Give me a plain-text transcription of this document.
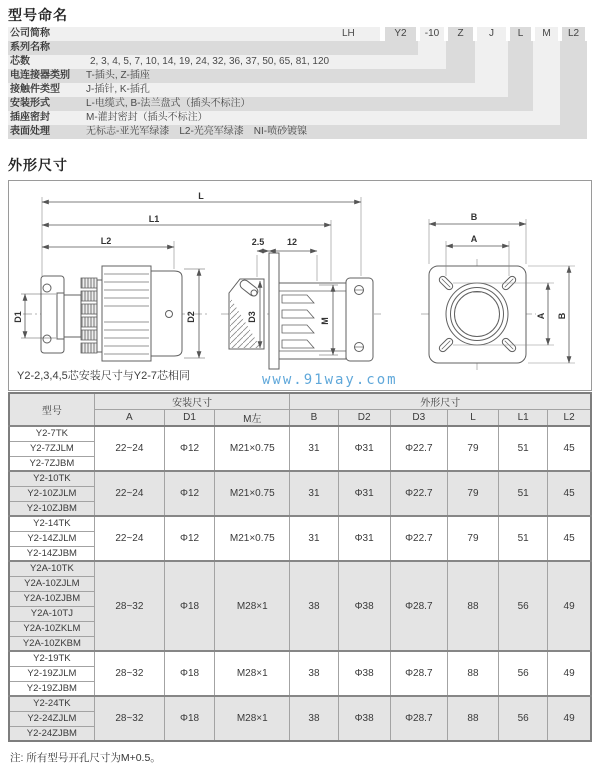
型号命名
Y2	-10	Z	J	L	M	L2
公司简称	LH
系列名称
芯数	2, 3, 4, 5, 7, 10, 14, 19, 24, 32, 36, 37, 50, 65, 81, 120
电连接器类别 T-插头, Z-插座
接触件类型	J-插针, K-插孔
安装形式	L-电缆式, B-法兰盘式（插头不标注）
插座密封	M-灌封密封（插头不标注）
表面处理	无标志-亚光军绿漆　L2-光亮军绿漆　NI-喷砂镀镍
外形尺寸
L
L1
L2	2.5	12
D1	D2	D3	M
B
A
A B
Y2-2,3,4,5芯安装尺寸与Y2-7芯相同	www.91way.com
型号	安装尺寸			外形尺寸					
	A	D1	M左	B	D2	D3	L	L1	L2
Y2-7TK	22~24	Φ12	M21×0.75	31	Φ31	Φ22.7	79	51	45
Y2-7ZJLM									
Y2-7ZJBM									
Y2-10TK	22~24	Φ12	M21×0.75	31	Φ31	Φ22.7	79	51	45
Y2-10ZJLM									
Y2-10ZJBM									
Y2-14TK	22~24	Φ12	M21×0.75	31	Φ31	Φ22.7	79	51	45
Y2-14ZJLM									
Y2-14ZJBM									
Y2A-10TK	28~32	Φ18	M28×1	38	Φ38	Φ28.7	88	56	49
Y2A-10ZJLM									
Y2A-10ZJBM									
Y2A-10TJ									
Y2A-10ZKLM									
Y2A-10ZKBM									
Y2-19TK	28~32	Φ18	M28×1	38	Φ38	Φ28.7	88	56	49
Y2-19ZJLM									
Y2-19ZJBM									
Y2-24TK	28~32	Φ18	M28×1	38	Φ38	Φ28.7	88	56	49
Y2-24ZJLM									
Y2-24ZJBM									
注: 所有型号开孔尺寸为M+0.5。
